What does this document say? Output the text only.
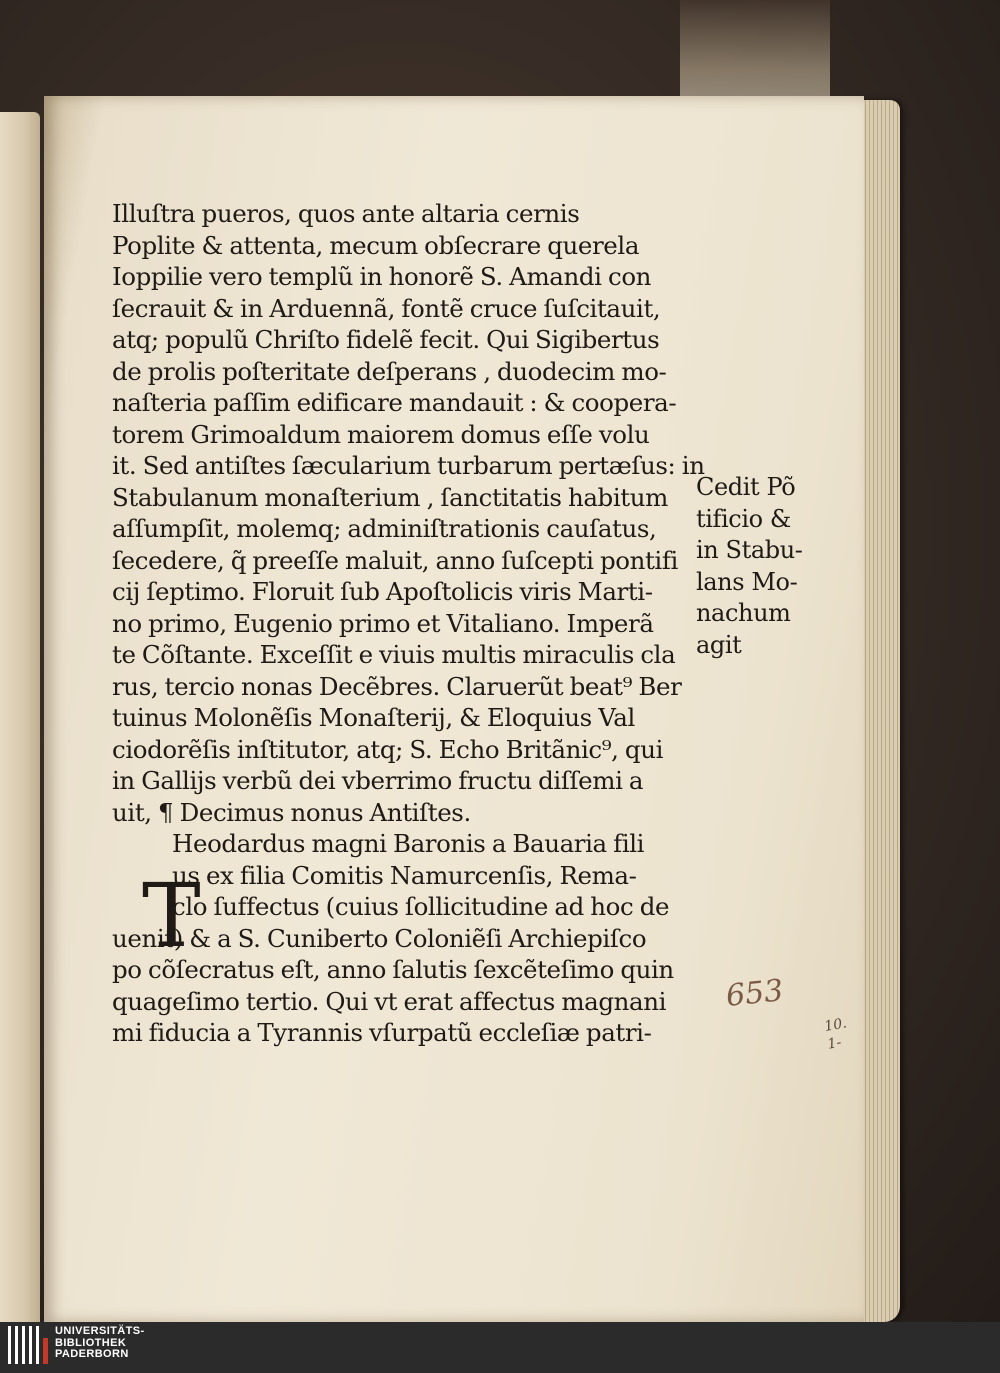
Illuſtra pueros, quos ante altaria cernis
Poplite & attenta, mecum obſecrare querela
Ioppilie vero templũ in honorẽ S. Amandi con
ſecrauit & in Arduennã, fontẽ cruce ſuſcitauit,
atq; populũ Chriſto fidelẽ fecit. Qui Sigibertus
de prolis poſteritate deſperans , duodecim mo-
naſteria paſſim edificare mandauit : & coopera-
torem Grimoaldum maiorem domus eſſe volu
it. Sed antiſtes ſæcularium turbarum pertæſus: in
Stabulanum monaſterium , ſanctitatis habitum
aſſumpſit, molemq; adminiſtrationis cauſatus,
ſecedere, q̃ preeſſe maluit, anno ſuſcepti pontifi
cij ſeptimo. Floruit ſub Apoſtolicis viris Marti-
no primo, Eugenio primo et Vitaliano. Imperã
te Cõſtante. Exceſſit e viuis multis miraculis cla
rus, tercio nonas Decẽbres. Claruerũt beat⁹ Ber
tuinus Molonẽſis Monaſterij, & Eloquius Val
ciodorẽſis inſtitutor, atq; S. Echo Britãnic⁹, qui
in Gallijs verbũ dei vberrimo fructu diſſemi a
uit, ¶ Decimus nonus Antiſtes.
Heodardus magni Baronis a Bauaria fili
us ex filia Comitis Namurcenſis, Rema-
clo ſuffectus (cuius ſollicitudine ad hoc de
uenit) & a S. Cuniberto Coloniẽſi Archiepiſco
po cõſecratus eſt, anno ſalutis ſexcẽteſimo quin
quageſimo tertio. Qui vt erat affectus magnani
mi fiducia a Tyrannis vſurpatũ eccleſiæ patri-
T
Cedit Põ
tificio &
in Stabu-
lans Mo-
nachum
agit
653
10.
1-
UNIVERSITÄTS-
BIBLIOTHEK
PADERBORN
